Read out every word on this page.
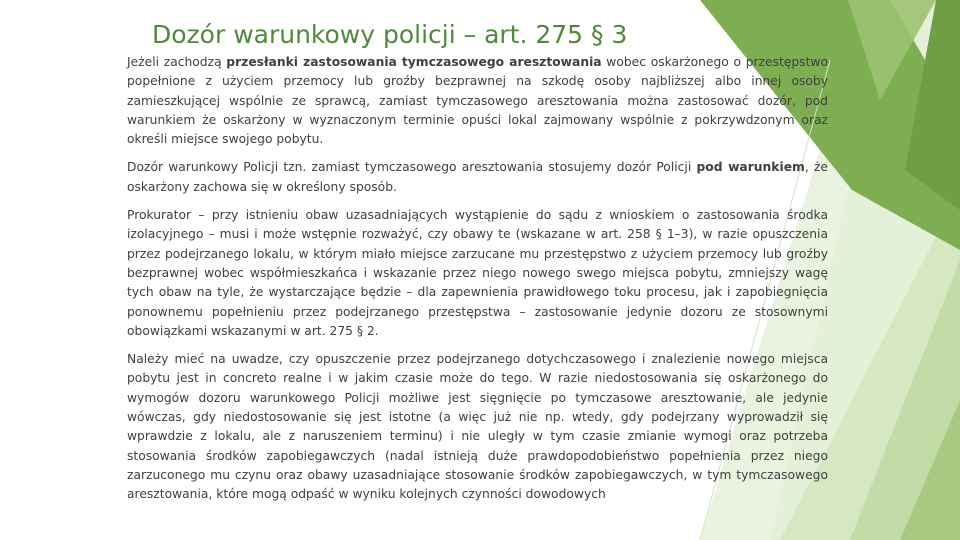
Dozór warunkowy policji – art. 275 § 3

Jeżeli zachodzą przesłanki zastosowania tymczasowego aresztowania wobec oskarżonego o przestępstwo popełnione z użyciem przemocy lub groźby bezprawnej na szkodę osoby najbliższej albo innej osoby zamieszkującej wspólnie ze sprawcą, zamiast tymczasowego aresztowania można zastosować dozór, pod warunkiem że oskarżony w wyznaczonym terminie opuści lokal zajmowany wspólnie z pokrzywdzonym oraz określi miejsce swojego pobytu.

Dozór warunkowy Policji tzn. zamiast tymczasowego aresztowania stosujemy dozór Policji pod warunkiem, że oskarżony zachowa się w określony sposób.

Prokurator – przy istnieniu obaw uzasadniających wystąpienie do sądu z wnioskiem o zastosowania środka izolacyjnego – musi i może wstępnie rozważyć, czy obawy te (wskazane w art. 258 § 1–3), w razie opuszczenia przez podejrzanego lokalu, w którym miało miejsce zarzucane mu przestępstwo z użyciem przemocy lub groźby bezprawnej wobec współmieszkańca i wskazanie przez niego nowego swego miejsca pobytu, zmniejszy wagę tych obaw na tyle, że wystarczające będzie – dla zapewnienia prawidłowego toku procesu, jak i zapobiegnięcia ponownemu popełnieniu przez podejrzanego przestępstwa – zastosowanie jedynie dozoru ze stosownymi obowiązkami wskazanymi w art. 275 § 2.

Należy mieć na uwadze, czy opuszczenie przez podejrzanego dotychczasowego i znalezienie nowego miejsca pobytu jest in concreto realne i w jakim czasie może do tego. W razie niedostosowania się oskarżonego do wymogów dozoru warunkowego Policji możliwe jest sięgnięcie po tymczasowe aresztowanie, ale jedynie wówczas, gdy niedostosowanie się jest istotne (a więc już nie np. wtedy, gdy podejrzany wyprowadził się wprawdzie z lokalu, ale z naruszeniem terminu) i nie uległy w tym czasie zmianie wymogi oraz potrzeba stosowania środków zapobiegawczych (nadal istnieją duże prawdopodobieństwo popełnienia przez niego zarzuconego mu czynu oraz obawy uzasadniające stosowanie środków zapobiegawczych, w tym tymczasowego aresztowania, które mogą odpaść w wyniku kolejnych czynności dowodowych
